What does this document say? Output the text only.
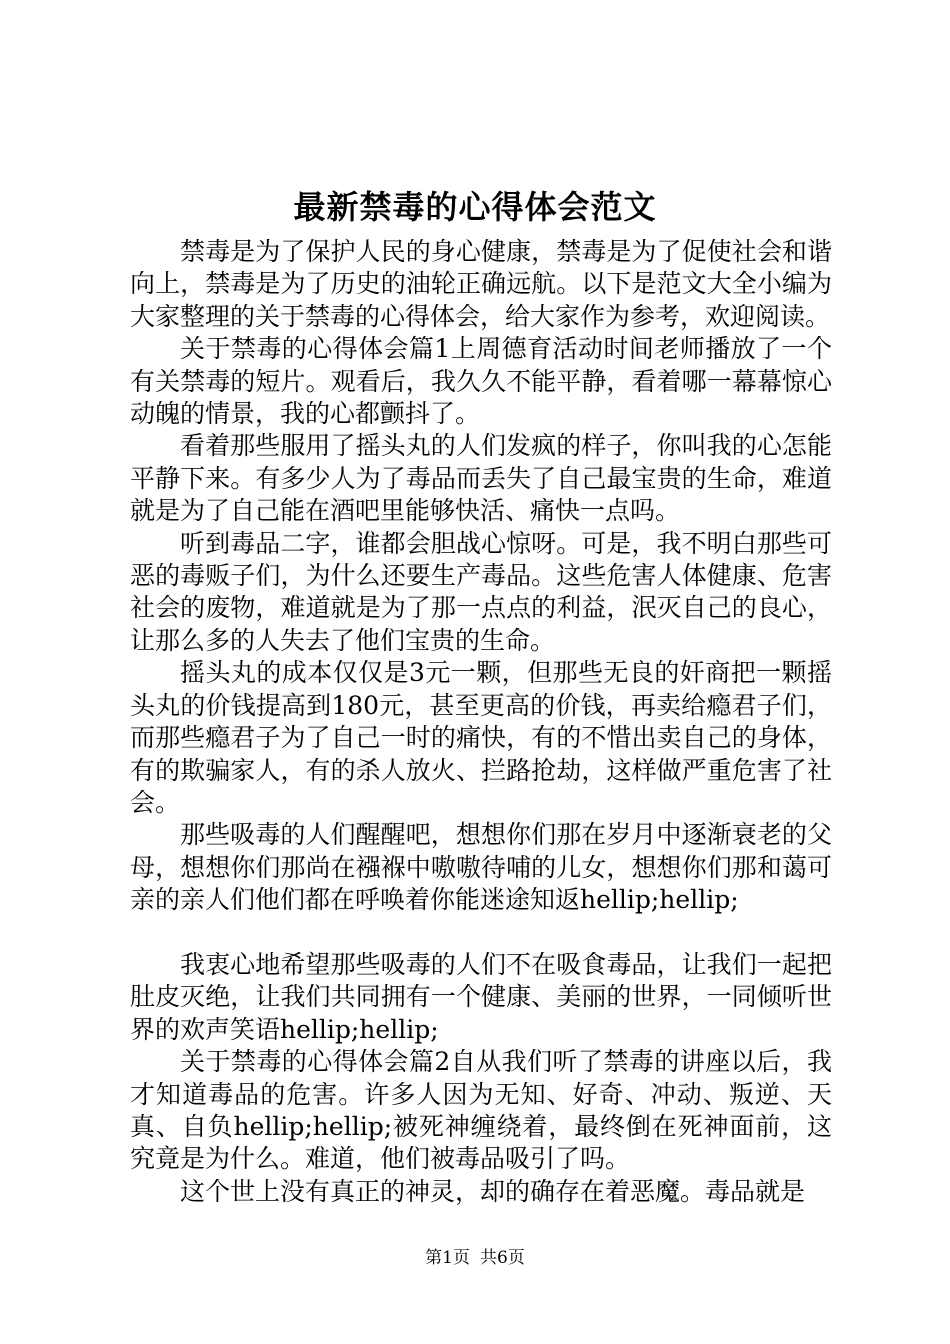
最新禁毒的心得体会范文

禁毒是为了保护人民的身心健康，禁毒是为了促使社会和谐向上，禁毒是为了历史的油轮正确远航。以下是范文大全小编为大家整理的关于禁毒的心得体会，给大家作为参考，欢迎阅读。

关于禁毒的心得体会篇1上周德育活动时间老师播放了一个有关禁毒的短片。观看后，我久久不能平静，看着哪一幕幕惊心动魄的情景，我的心都颤抖了。

看着那些服用了摇头丸的人们发疯的样子，你叫我的心怎能平静下来。有多少人为了毒品而丢失了自己最宝贵的生命，难道就是为了自己能在酒吧里能够快活、痛快一点吗。

听到毒品二字，谁都会胆战心惊呀。可是，我不明白那些可恶的毒贩子们，为什么还要生产毒品。这些危害人体健康、危害社会的废物，难道就是为了那一点点的利益，泯灭自己的良心，让那么多的人失去了他们宝贵的生命。

摇头丸的成本仅仅是3元一颗，但那些无良的奸商把一颗摇头丸的价钱提高到180元，甚至更高的价钱，再卖给瘾君子们，而那些瘾君子为了自己一时的痛快，有的不惜出卖自己的身体，有的欺骗家人，有的杀人放火、拦路抢劫，这样做严重危害了社会。

那些吸毒的人们醒醒吧，想想你们那在岁月中逐渐衰老的父母，想想你们那尚在襁褓中嗷嗷待哺的儿女，想想你们那和蔼可亲的亲人们他们都在呼唤着你能迷途知返hellip;hellip;

我衷心地希望那些吸毒的人们不在吸食毒品，让我们一起把肚皮灭绝，让我们共同拥有一个健康、美丽的世界，一同倾听世界的欢声笑语hellip;hellip;

关于禁毒的心得体会篇2自从我们听了禁毒的讲座以后，我才知道毒品的危害。许多人因为无知、好奇、冲动、叛逆、天真、自负hellip;hellip;被死神缠绕着，最终倒在死神面前，这究竟是为什么。难道，他们被毒品吸引了吗。

这个世上没有真正的神灵，却的确存在着恶魔。毒品就是

第1页 共6页
